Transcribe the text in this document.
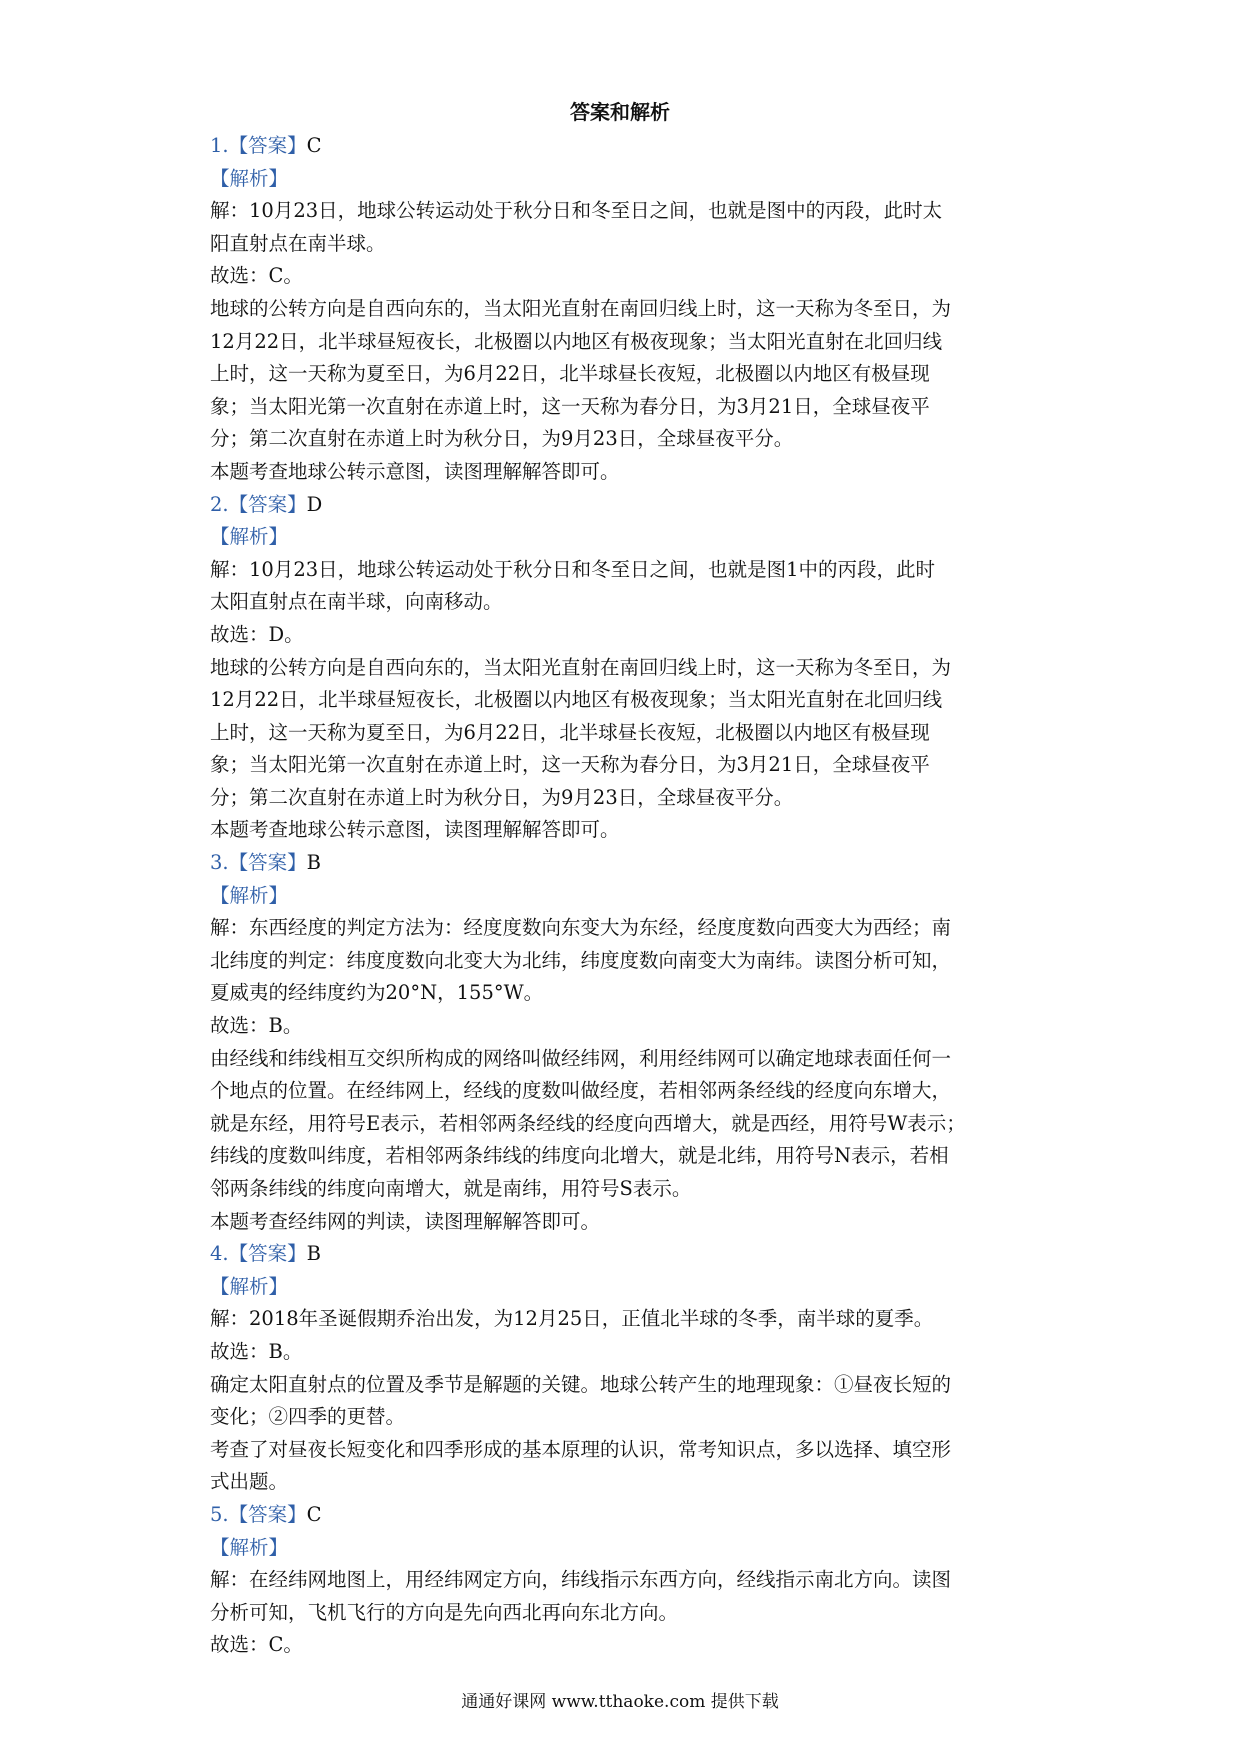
答案和解析
1.【答案】C
【解析】
解：10月23日，地球公转运动处于秋分日和冬至日之间，也就是图中的丙段，此时太
阳直射点在南半球。
故选：C。
地球的公转方向是自西向东的，当太阳光直射在南回归线上时，这一天称为冬至日，为
12月22日，北半球昼短夜长，北极圈以内地区有极夜现象；当太阳光直射在北回归线
上时，这一天称为夏至日，为6月22日，北半球昼长夜短，北极圈以内地区有极昼现
象；当太阳光第一次直射在赤道上时，这一天称为春分日，为3月21日，全球昼夜平
分；第二次直射在赤道上时为秋分日，为9月23日，全球昼夜平分。
本题考查地球公转示意图，读图理解解答即可。
2.【答案】D
【解析】
解：10月23日，地球公转运动处于秋分日和冬至日之间，也就是图1中的丙段，此时
太阳直射点在南半球，向南移动。
故选：D。
地球的公转方向是自西向东的，当太阳光直射在南回归线上时，这一天称为冬至日，为
12月22日，北半球昼短夜长，北极圈以内地区有极夜现象；当太阳光直射在北回归线
上时，这一天称为夏至日，为6月22日，北半球昼长夜短，北极圈以内地区有极昼现
象；当太阳光第一次直射在赤道上时，这一天称为春分日，为3月21日，全球昼夜平
分；第二次直射在赤道上时为秋分日，为9月23日，全球昼夜平分。
本题考查地球公转示意图，读图理解解答即可。
3.【答案】B
【解析】
解：东西经度的判定方法为：经度度数向东变大为东经，经度度数向西变大为西经；南
北纬度的判定：纬度度数向北变大为北纬，纬度度数向南变大为南纬。读图分析可知，
夏威夷的经纬度约为20°N，155°W。
故选：B。
由经线和纬线相互交织所构成的网络叫做经纬网，利用经纬网可以确定地球表面任何一
个地点的位置。在经纬网上，经线的度数叫做经度，若相邻两条经线的经度向东增大，
就是东经，用符号E表示，若相邻两条经线的经度向西增大，就是西经，用符号W表示；
纬线的度数叫纬度，若相邻两条纬线的纬度向北增大，就是北纬，用符号N表示，若相
邻两条纬线的纬度向南增大，就是南纬，用符号S表示。
本题考查经纬网的判读，读图理解解答即可。
4.【答案】B
【解析】
解：2018年圣诞假期乔治出发，为12月25日，正值北半球的冬季，南半球的夏季。
故选：B。
确定太阳直射点的位置及季节是解题的关键。地球公转产生的地理现象：①昼夜长短的
变化；②四季的更替。
考查了对昼夜长短变化和四季形成的基本原理的认识，常考知识点，多以选择、填空形
式出题。
5.【答案】C
【解析】
解：在经纬网地图上，用经纬网定方向，纬线指示东西方向，经线指示南北方向。读图
分析可知，飞机飞行的方向是先向西北再向东北方向。
故选：C。
通通好课网 www.tthaoke.com 提供下载
